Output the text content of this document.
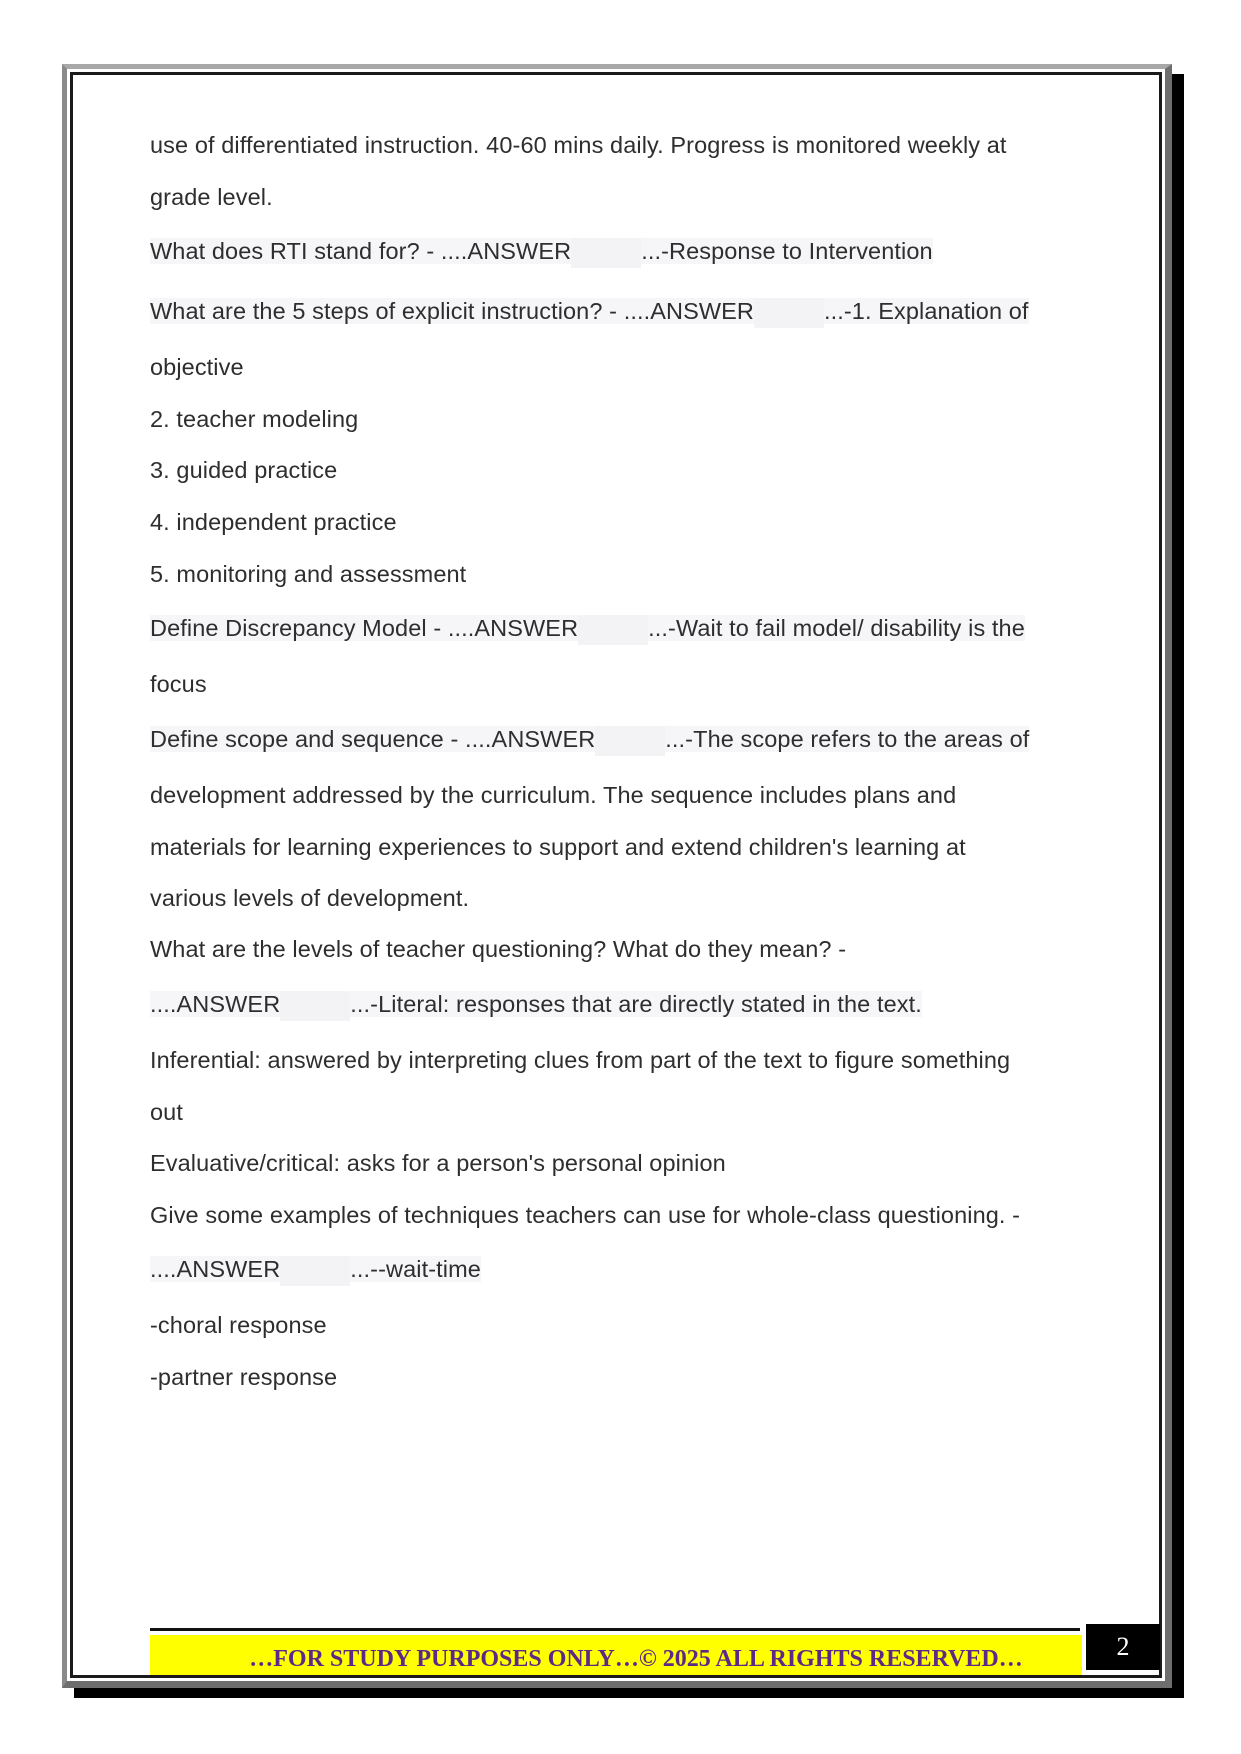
use of differentiated instruction. 40-60 mins daily. Progress is monitored weekly at
grade level.
What does RTI stand for? - ....ANSWER	...-Response to Intervention
What are the 5 steps of explicit instruction? - ....ANSWER	...-1. Explanation of
objective
2. teacher modeling
3. guided practice
4. independent practice
5. monitoring and assessment
Define Discrepancy Model - ....ANSWER	...-Wait to fail model/ disability is the
focus
Define scope and sequence - ....ANSWER	...-The scope refers to the areas of
development addressed by the curriculum. The sequence includes plans and
materials for learning experiences to support and extend children's learning at
various levels of development.
What are the levels of teacher questioning? What do they mean? -
....ANSWER	...-Literal: responses that are directly stated in the text.
Inferential: answered by interpreting clues from part of the text to figure something
out
Evaluative/critical: asks for a person's personal opinion
Give some examples of techniques teachers can use for whole-class questioning. -
....ANSWER	...--wait-time
-choral response
-partner response
…FOR STUDY PURPOSES ONLY…© 2025 ALL RIGHTS RESERVED…	2
